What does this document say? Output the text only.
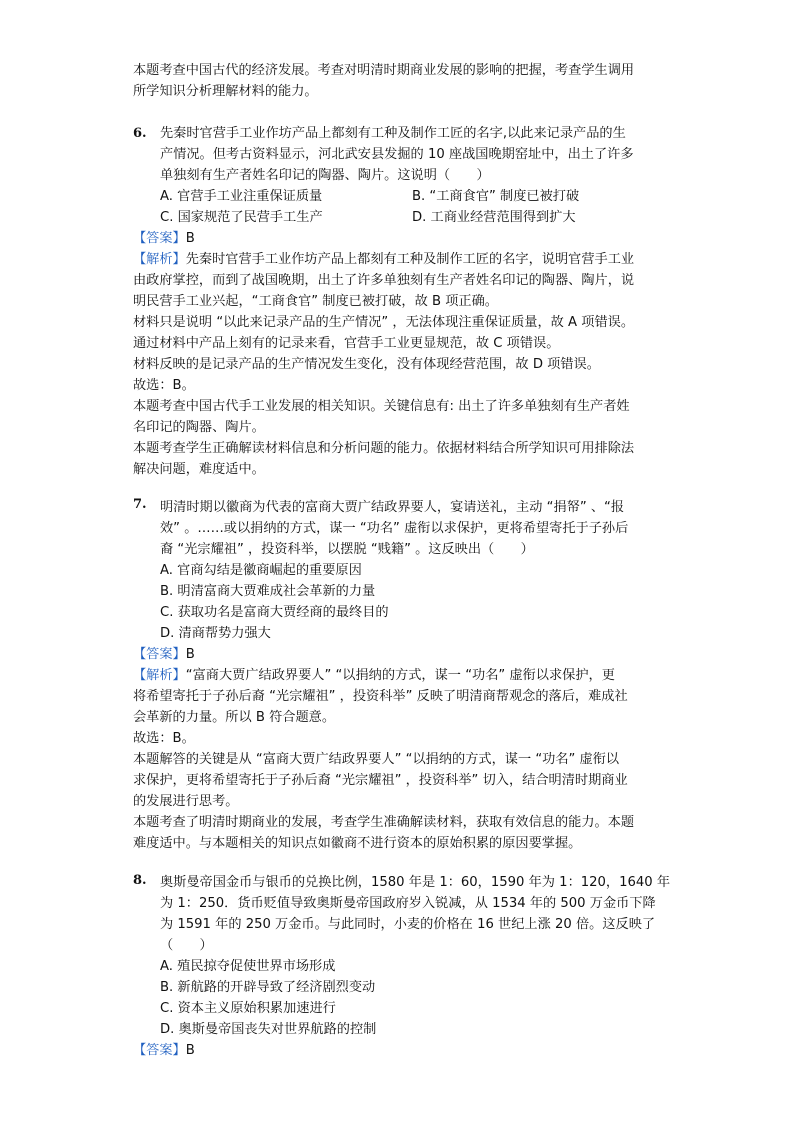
本题考查中国古代的经济发展。考查对明清时期商业发展的影响的把握，考查学生调用
所学知识分析理解材料的能力。
6. 先秦时官营手工业作坊产品上都刻有工种及制作工匠的名字,以此来记录产品的生
产情况。但考古资料显示，河北武安县发掘的 10 座战国晚期窑址中，出土了许多
单独刻有生产者姓名印记的陶器、陶片。这说明（　　）
A. 官营手工业注重保证质量	B. “工商食官” 制度已被打破
C. 国家规范了民营手工生产	D. 工商业经营范围得到扩大
【答案】B
【解析】先秦时官营手工业作坊产品上都刻有工种及制作工匠的名字，说明官营手工业
由政府掌控，而到了战国晚期，出土了许多单独刻有生产者姓名印记的陶器、陶片，说
明民营手工业兴起，“工商食官” 制度已被打破，故 B 项正确。
材料只是说明 “以此来记录产品的生产情况” ，无法体现注重保证质量，故 A 项错误。
通过材料中产品上刻有的记录来看，官营手工业更显规范，故 C 项错误。
材料反映的是记录产品的生产情况发生变化，没有体现经营范围，故 D 项错误。
故选：B。
本题考查中国古代手工业发展的相关知识。关键信息有: 出土了许多单独刻有生产者姓
名印记的陶器、陶片。
本题考查学生正确解读材料信息和分析问题的能力。依据材料结合所学知识可用排除法
解决问题，难度适中。
7. 明清时期以徽商为代表的富商大贾广结政界要人，宴请送礼，主动 “捐帑” 、“报
效” 。……或以捐纳的方式，谋一 “功名” 虚衔以求保护，更将希望寄托于子孙后
裔 “光宗耀祖” ，投资科举，以摆脱 “贱籍” 。这反映出（　　）
A. 官商勾结是徽商崛起的重要原因
B. 明清富商大贾难成社会革新的力量
C. 获取功名是富商大贾经商的最终目的
D. 清商帮势力强大
【答案】B
【解析】“富商大贾广结政界要人” “以捐纳的方式，谋一 “功名” 虚衔以求保护，更
将希望寄托于子孙后裔 “光宗耀祖” ，投资科举” 反映了明清商帮观念的落后，难成社
会革新的力量。所以 B 符合题意。
故选：B。
本题解答的关键是从 “富商大贾广结政界要人” “以捐纳的方式，谋一 “功名” 虚衔以
求保护，更将希望寄托于子孙后裔 “光宗耀祖” ，投资科举” 切入，结合明清时期商业
的发展进行思考。
本题考查了明清时期商业的发展，考查学生准确解读材料，获取有效信息的能力。本题
难度适中。与本题相关的知识点如徽商不进行资本的原始积累的原因要掌握。
8. 奥斯曼帝国金币与银币的兑换比例，1580 年是 1：60，1590 年为 1：120，1640 年
为 1：250．货币贬值导致奥斯曼帝国政府岁入锐减，从 1534 年的 500 万金币下降
为 1591 年的 250 万金币。与此同时，小麦的价格在 16 世纪上涨 20 倍。这反映了
（　　）
A. 殖民掠夺促使世界市场形成
B. 新航路的开辟导致了经济剧烈变动
C. 资本主义原始积累加速进行
D. 奥斯曼帝国丧失对世界航路的控制
【答案】B
